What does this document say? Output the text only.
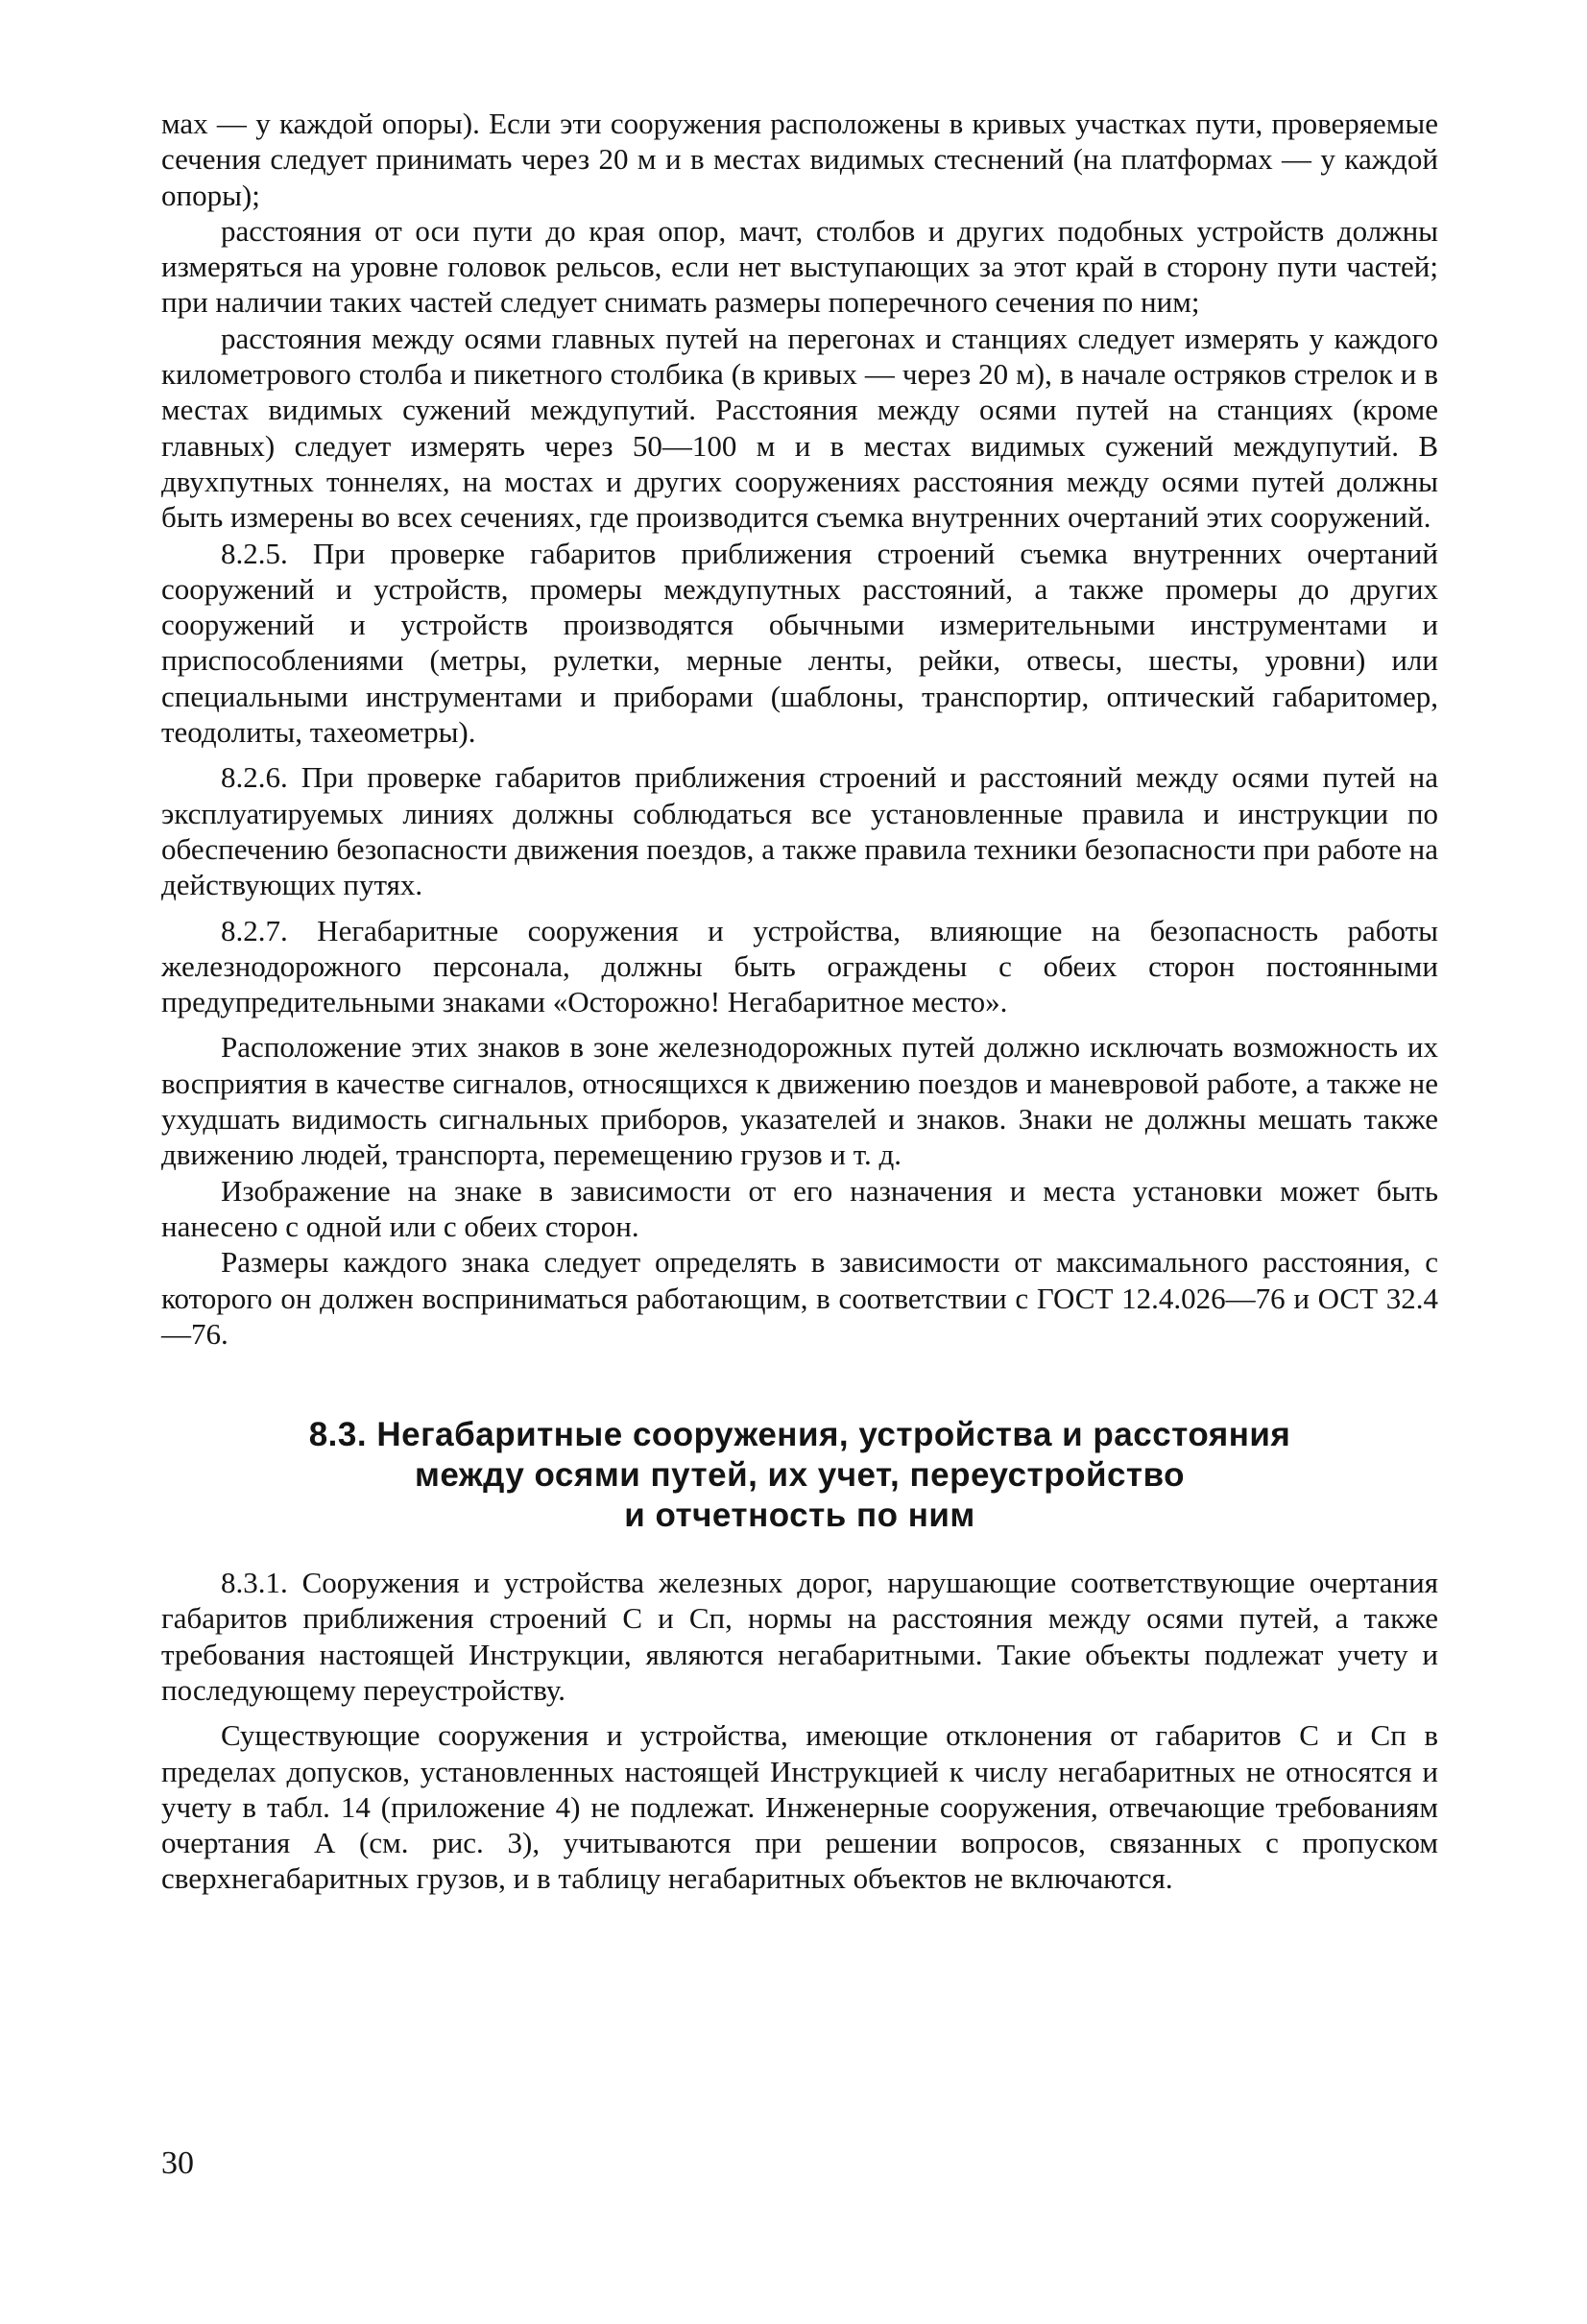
мах — у каждой опоры). Если эти сооружения расположены в кривых участках пути, проверяемые сечения следует принимать через 20 м и в местах видимых стеснений (на платформах — у каждой опоры);

расстояния от оси пути до края опор, мачт, столбов и других подобных устройств должны измеряться на уровне головок рельсов, если нет выступающих за этот край в сторону пути частей; при наличии таких частей следует снимать размеры поперечного сечения по ним;

расстояния между осями главных путей на перегонах и станциях следует измерять у каждого километрового столба и пикетного столбика (в кривых — через 20 м), в начале остряков стрелок и в местах видимых сужений междупутий. Расстояния между осями путей на станциях (кроме главных) следует измерять через 50—100 м и в местах видимых сужений междупутий. В двухпутных тоннелях, на мостах и других сооружениях расстояния между осями путей должны быть измерены во всех сечениях, где производится съемка внутренних очертаний этих сооружений.

8.2.5. При проверке габаритов приближения строений съемка внутренних очертаний сооружений и устройств, промеры междупутных расстояний, а также промеры до других сооружений и устройств производятся обычными измерительными инструментами и приспособлениями (метры, рулетки, мерные ленты, рейки, отвесы, шесты, уровни) или специальными инструментами и приборами (шаблоны, транспортир, оптический габаритомер, теодолиты, тахеометры).

8.2.6. При проверке габаритов приближения строений и расстояний между осями путей на эксплуатируемых линиях должны соблюдаться все установленные правила и инструкции по обеспечению безопасности движения поездов, а также правила техники безопасности при работе на действующих путях.

8.2.7. Негабаритные сооружения и устройства, влияющие на безопасность работы железнодорожного персонала, должны быть ограждены с обеих сторон постоянными предупредительными знаками «Осторожно! Негабаритное место».

Расположение этих знаков в зоне железнодорожных путей должно исключать возможность их восприятия в качестве сигналов, относящихся к движению поездов и маневровой работе, а также не ухудшать видимость сигнальных приборов, указателей и знаков. Знаки не должны мешать также движению людей, транспорта, перемещению грузов и т. д.

Изображение на знаке в зависимости от его назначения и места установки может быть нанесено с одной или с обеих сторон.

Размеры каждого знака следует определять в зависимости от максимального расстояния, с которого он должен восприниматься работающим, в соответствии с ГОСТ 12.4.026—76 и ОСТ 32.4—76.

8.3. Негабаритные сооружения, устройства и расстояния
между осями путей, их учет, переустройство
и отчетность по ним

8.3.1. Сооружения и устройства железных дорог, нарушающие соответствующие очертания габаритов приближения строений С и Сп, нормы на расстояния между осями путей, а также требования настоящей Инструкции, являются негабаритными. Такие объекты подлежат учету и последующему переустройству.

Существующие сооружения и устройства, имеющие отклонения от габаритов С и Сп в пределах допусков, установленных настоящей Инструкцией к числу негабаритных не относятся и учету в табл. 14 (приложение 4) не подлежат. Инженерные сооружения, отвечающие требованиям очертания А (см. рис. 3), учитываются при решении вопросов, связанных с пропуском сверхнегабаритных грузов, и в таблицу негабаритных объектов не включаются.

30
